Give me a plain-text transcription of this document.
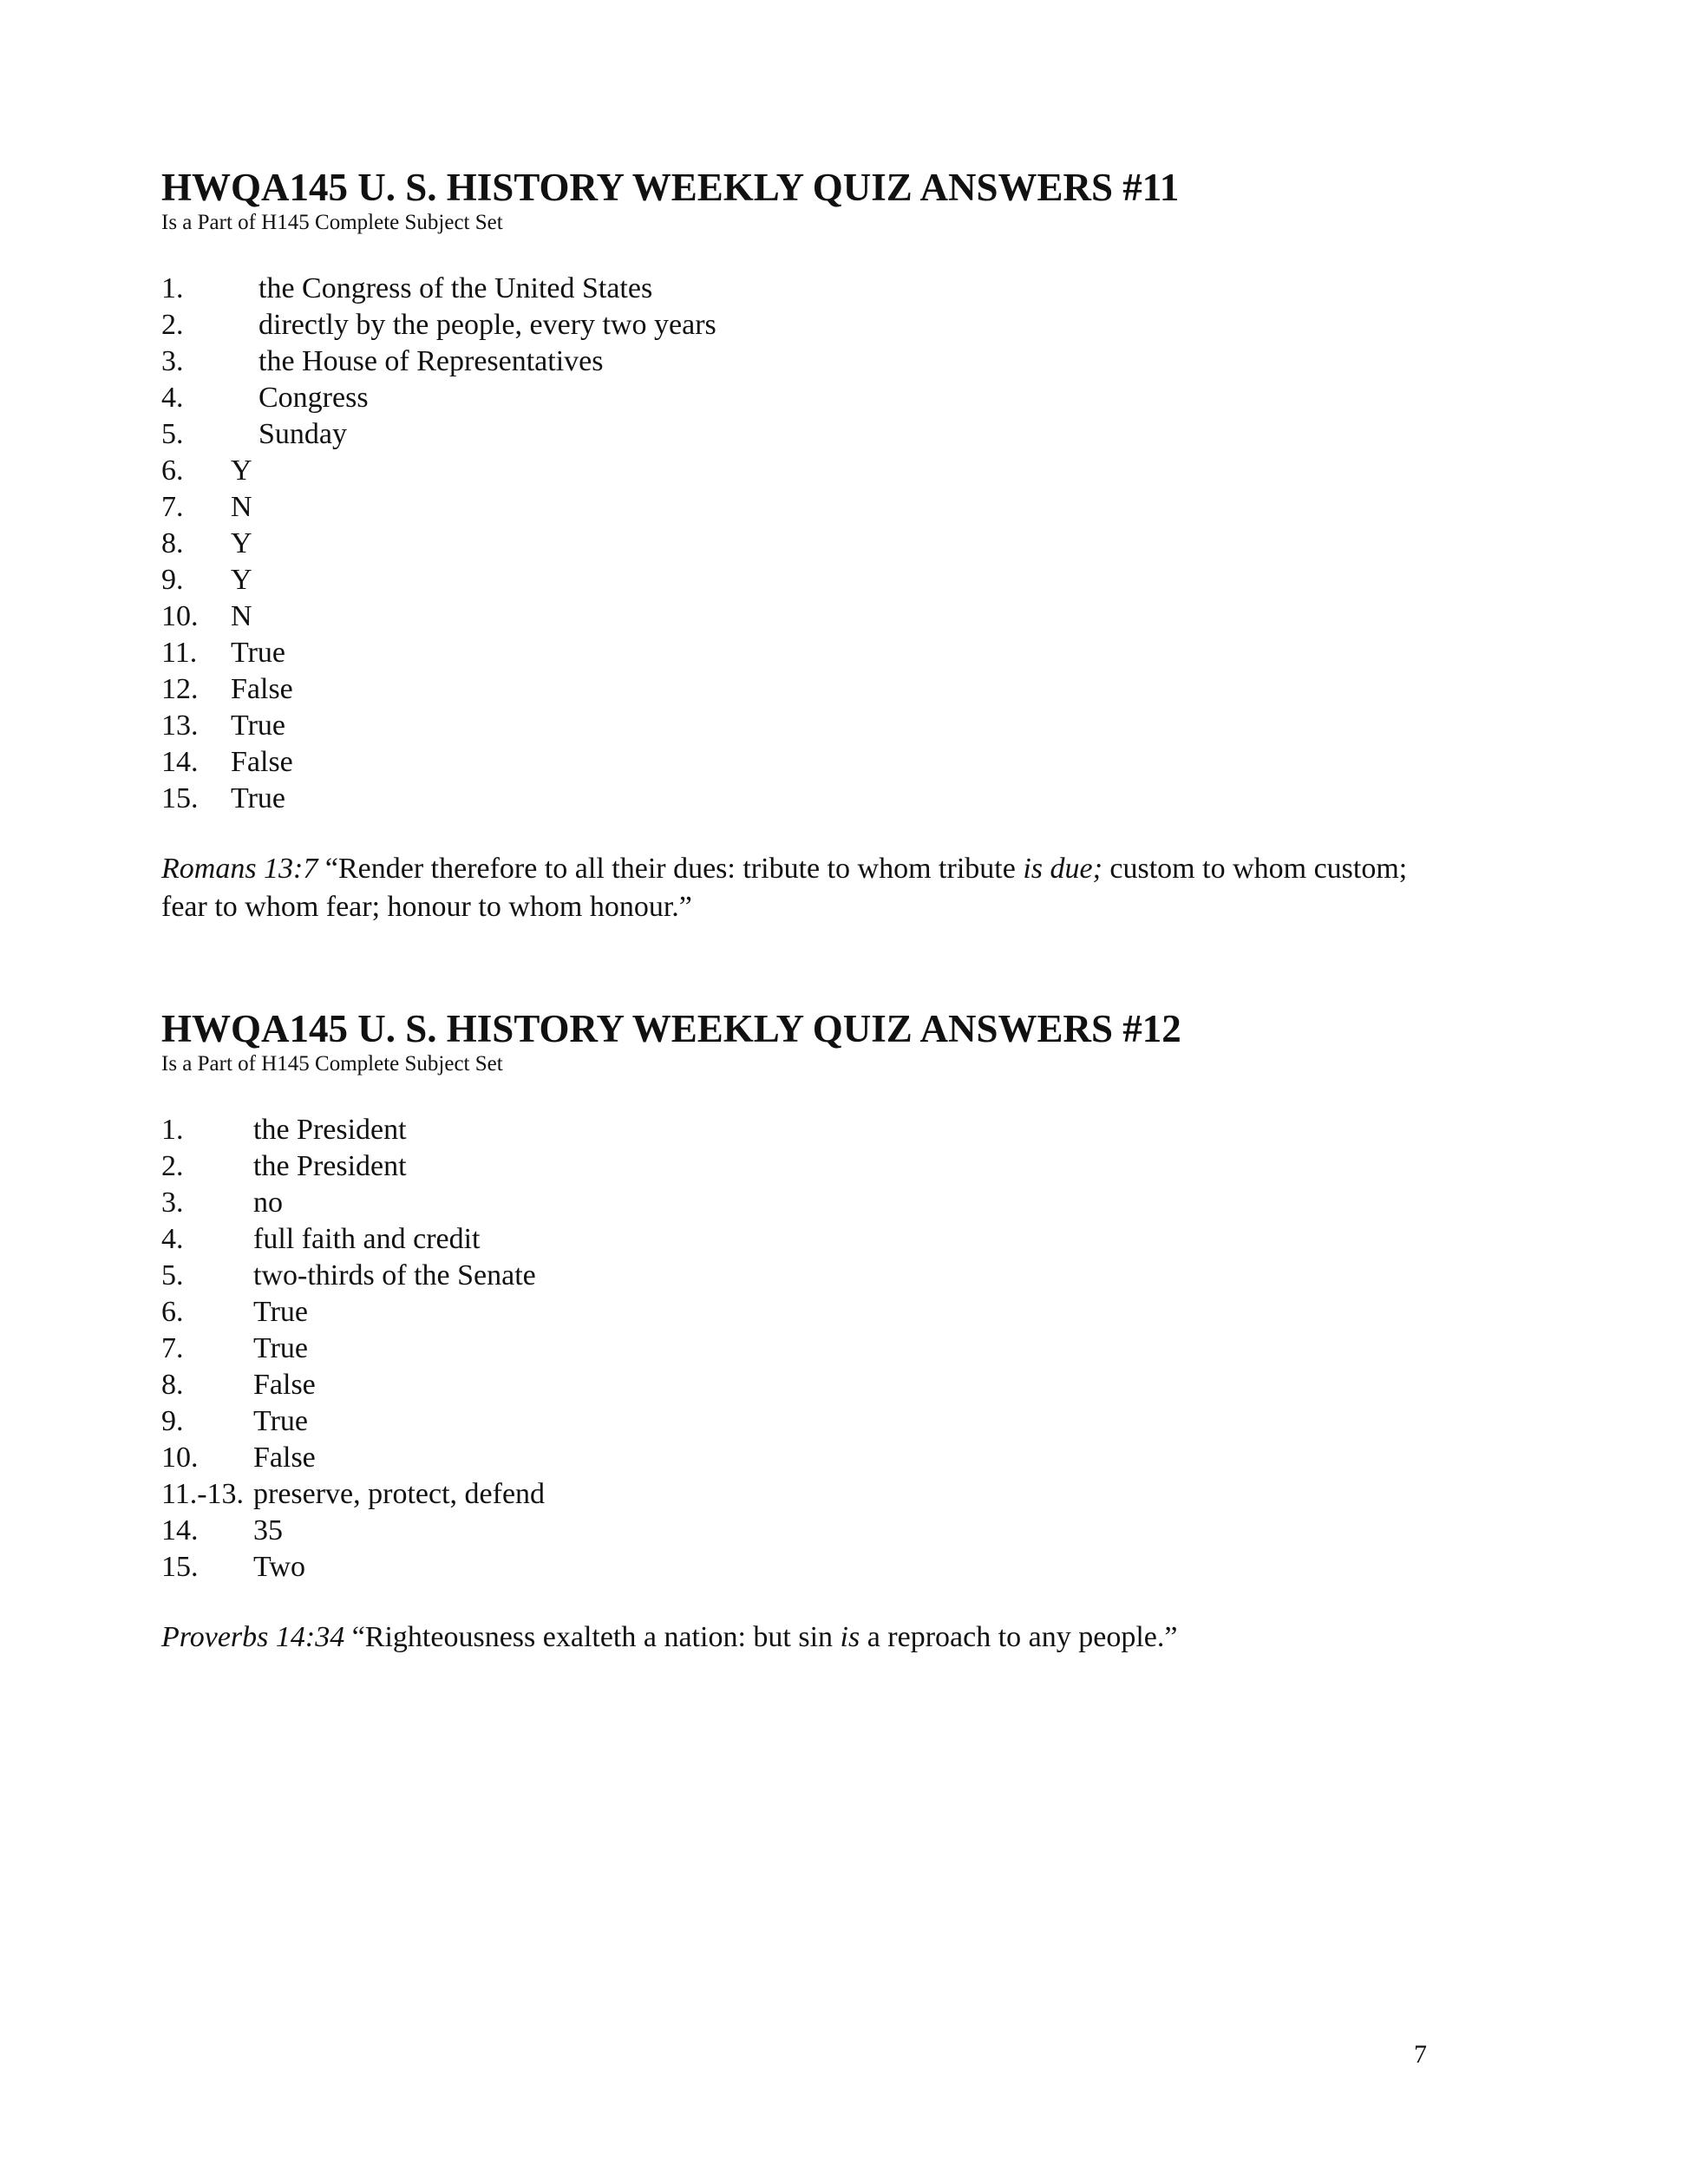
HWQA145 U. S. HISTORY WEEKLY QUIZ ANSWERS #11

Is a Part of H145 Complete Subject Set

1.	the Congress of the United States
2.	directly by the people, every two years
3.	the House of Representatives
4.	Congress
5.	Sunday
6.	Y
7.	N
8.	Y
9.	Y
10.	N
11.	True
12.	False
13.	True
14.	False
15.	True

Romans 13:7 “Render therefore to all their dues: tribute to whom tribute is due; custom to whom custom; fear to whom fear; honour to whom honour.”

HWQA145 U. S. HISTORY WEEKLY QUIZ ANSWERS #12

Is a Part of H145 Complete Subject Set

1.	the President
2.	the President
3.	no
4.	full faith and credit
5.	two-thirds of the Senate
6.	True
7.	True
8.	False
9.	True
10.	False
11.-13. preserve, protect, defend
14.	35
15.	Two

Proverbs 14:34 “Righteousness exalteth a nation: but sin is a reproach to any people.”

7
